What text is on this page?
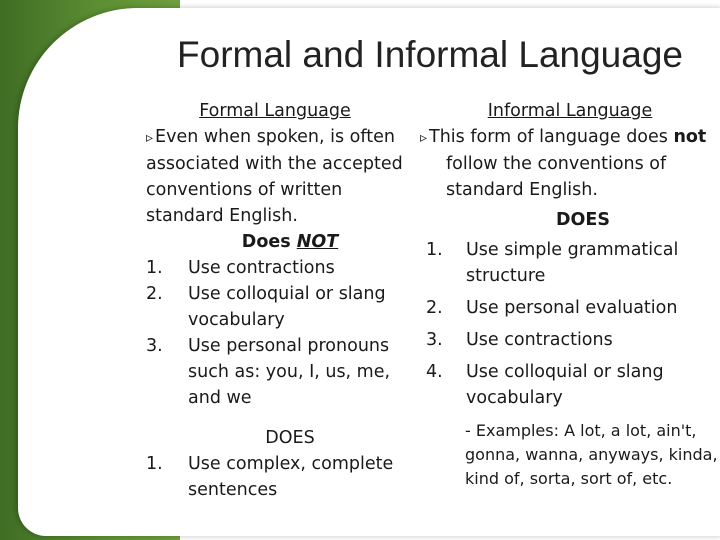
Formal and Informal Language
Formal Language
▹ Even when spoken, is often associated with the accepted conventions of written standard English.
Does NOT
1. Use contractions
2. Use colloquial or slang vocabulary
3. Use personal pronouns such as: you, I, us, me, and we
DOES
1. Use complex, complete sentences
Informal Language
▹ This form of language does not follow the conventions of standard English.
DOES
1. Use simple grammatical structure
2. Use personal evaluation
3. Use contractions
4. Use colloquial or slang vocabulary
- Examples: A lot, a lot, ain't, gonna, wanna, anyways, kinda, kind of, sorta, sort of, etc.
